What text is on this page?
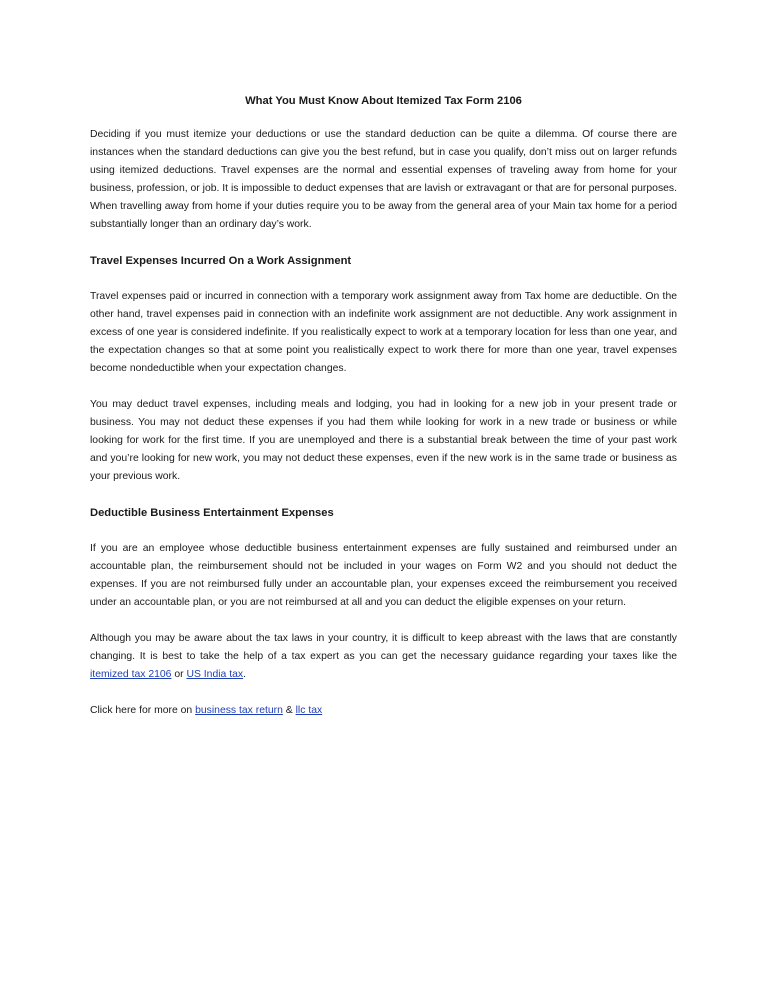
What You Must Know About Itemized Tax Form 2106

Deciding if you must itemize your deductions or use the standard deduction can be quite a dilemma. Of course there are instances when the standard deductions can give you the best refund, but in case you qualify, don’t miss out on larger refunds using itemized deductions. Travel expenses are the normal and essential expenses of traveling away from home for your business, profession, or job. It is impossible to deduct expenses that are lavish or extravagant or that are for personal purposes. When travelling away from home if your duties require you to be away from the general area of your Main tax home for a period substantially longer than an ordinary day’s work.

Travel Expenses Incurred On a Work Assignment

Travel expenses paid or incurred in connection with a temporary work assignment away from Tax home are deductible. On the other hand, travel expenses paid in connection with an indefinite work assignment are not deductible. Any work assignment in excess of one year is considered indefinite. If you realistically expect to work at a temporary location for less than one year, and the expectation changes so that at some point you realistically expect to work there for more than one year, travel expenses become nondeductible when your expectation changes.

You may deduct travel expenses, including meals and lodging, you had in looking for a new job in your present trade or business. You may not deduct these expenses if you had them while looking for work in a new trade or business or while looking for work for the first time. If you are unemployed and there is a substantial break between the time of your past work and you’re looking for new work, you may not deduct these expenses, even if the new work is in the same trade or business as your previous work.

Deductible Business Entertainment Expenses

If you are an employee whose deductible business entertainment expenses are fully sustained and reimbursed under an accountable plan, the reimbursement should not be included in your wages on Form W2 and you should not deduct the expenses. If you are not reimbursed fully under an accountable plan, your expenses exceed the reimbursement you received under an accountable plan, or you are not reimbursed at all and you can deduct the eligible expenses on your return.

Although you may be aware about the tax laws in your country, it is difficult to keep abreast with the laws that are constantly changing. It is best to take the help of a tax expert as you can get the necessary guidance regarding your taxes like the itemized tax 2106 or US India tax.

Click here for more on business tax return & llc tax
